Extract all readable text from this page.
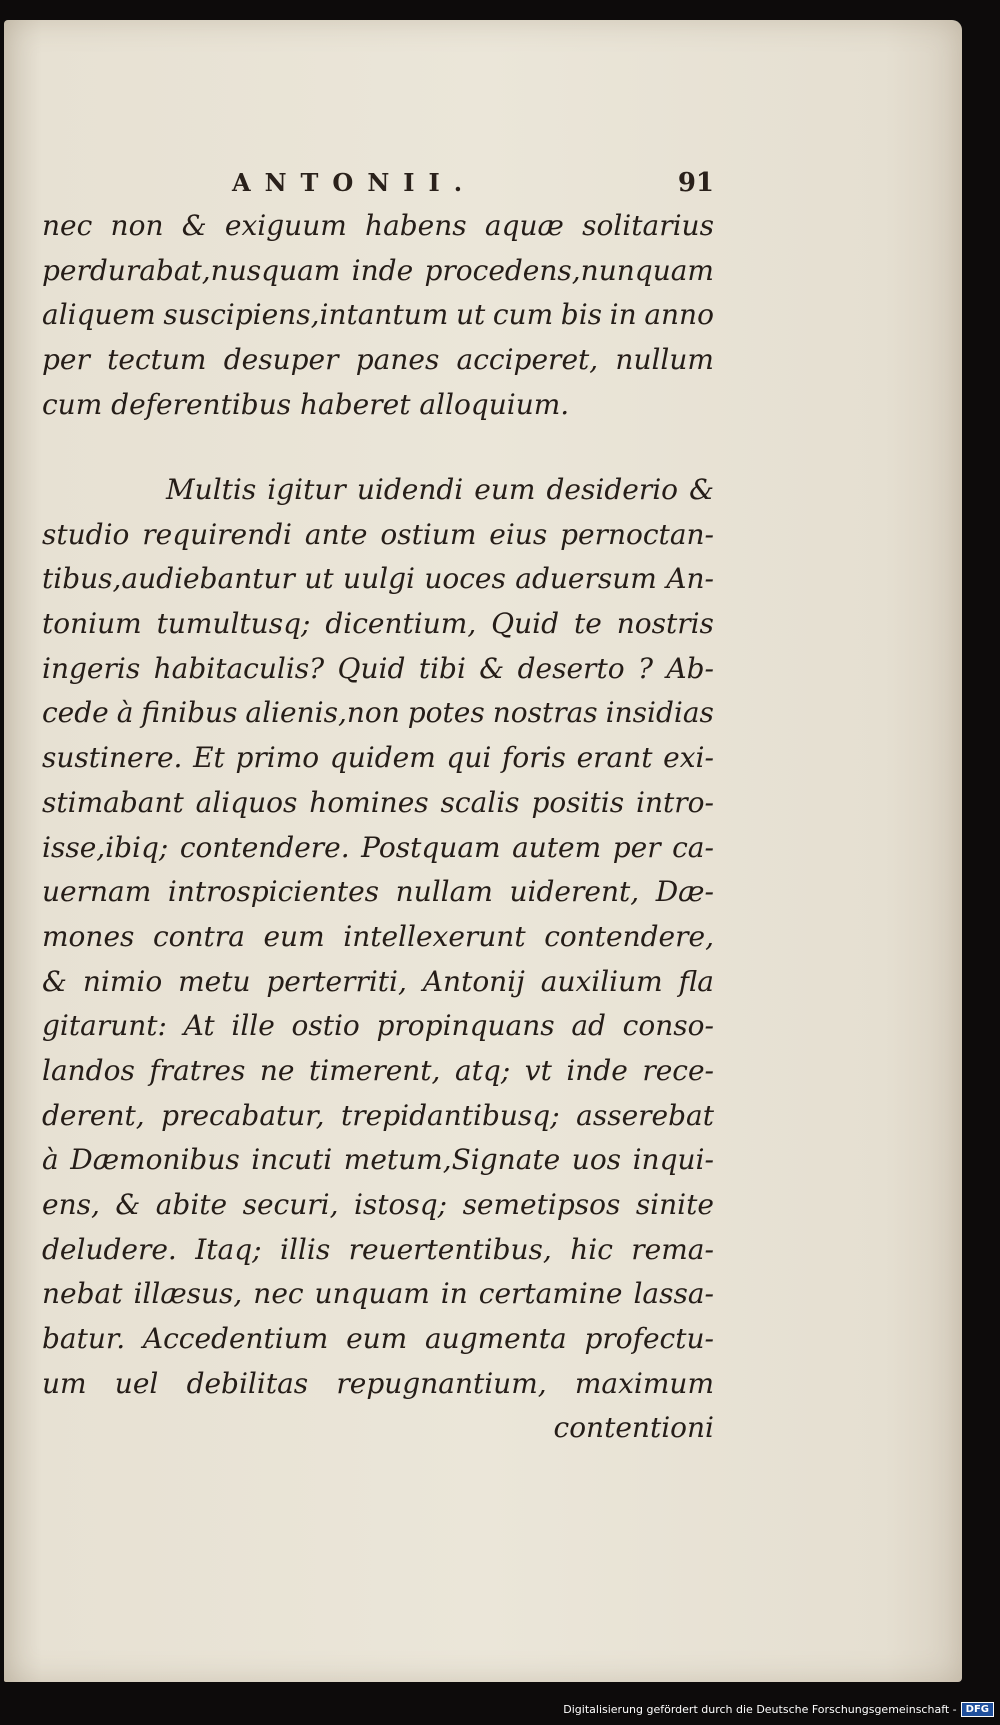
ANTONII.	91
nec non & exiguum habens aquæ solitarius
perdurabat,nusquam inde procedens,nunquam
aliquem suscipiens,intantum ut cum bis in anno
per tectum desuper panes acciperet, nullum
cum deferentibus haberet alloquium.
Multis igitur uidendi eum desiderio &
studio requirendi ante ostium eius pernoctan-
tibus,audiebantur ut uulgi uoces aduersum An-
tonium tumultusq; dicentium, Quid te nostris
ingeris habitaculis? Quid tibi & deserto ? Ab-
cede à finibus alienis,non potes nostras insidias
sustinere. Et primo quidem qui foris erant exi-
stimabant aliquos homines scalis positis intro-
isse,ibiq; contendere. Postquam autem per ca-
uernam introspicientes nullam uiderent, Dæ-
mones contra eum intellexerunt contendere,
& nimio metu perterriti, Antonij auxilium fla
gitarunt: At ille ostio propinquans ad conso-
landos fratres ne timerent, atq; vt inde rece-
derent, precabatur, trepidantibusq; asserebat
à Dæmonibus incuti metum,Signate uos inqui-
ens, & abite securi, istosq; semetipsos sinite
deludere. Itaq; illis reuertentibus, hic rema-
nebat illæsus, nec unquam in certamine lassa-
batur. Accedentium eum augmenta profectu-
um uel debilitas repugnantium, maximum
contentioni
Digitalisierung gefördert durch die Deutsche Forschungsgemeinschaft - DFG
